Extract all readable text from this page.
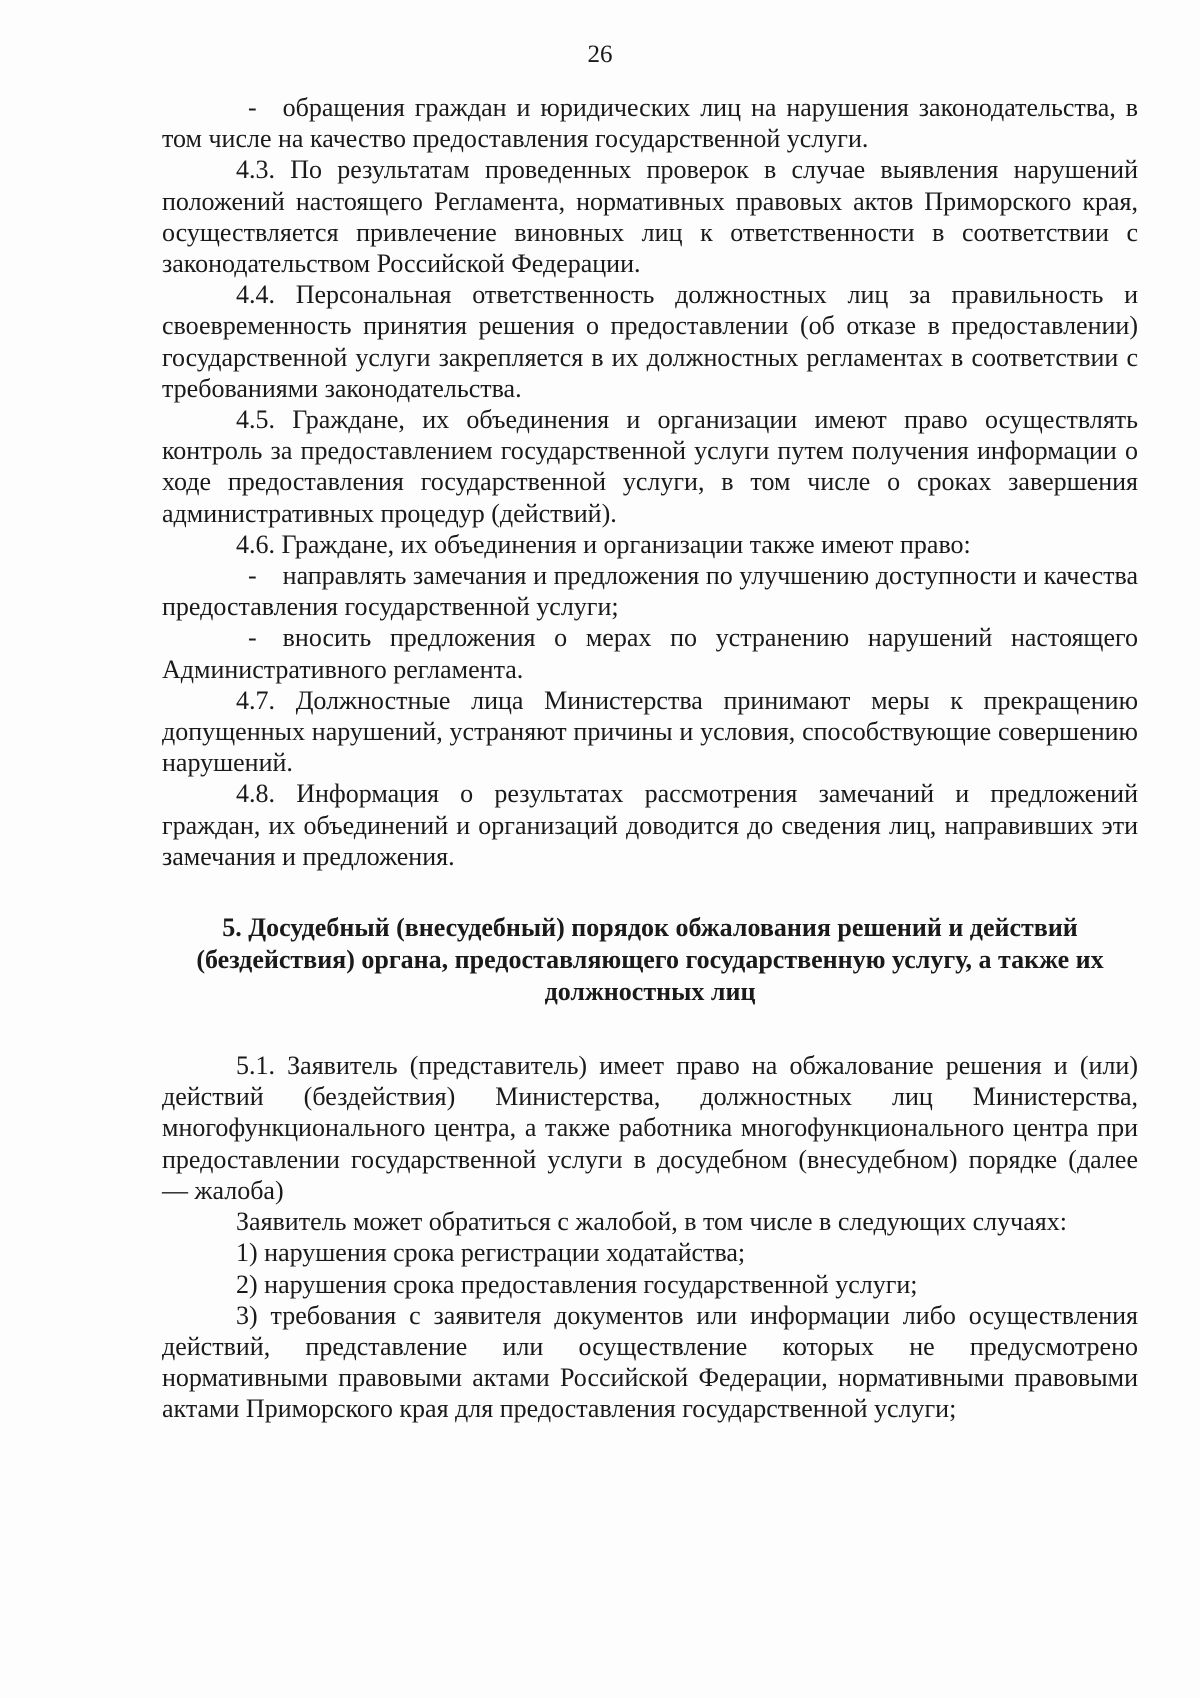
26

- обращения граждан и юридических лиц на нарушения законодательства, в том числе на качество предоставления государственной услуги.

4.3. По результатам проведенных проверок в случае выявления нарушений положений настоящего Регламента, нормативных правовых актов Приморского края, осуществляется привлечение виновных лиц к ответственности в соответствии с законодательством Российской Федерации.

4.4. Персональная ответственность должностных лиц за правильность и своевременность принятия решения о предоставлении (об отказе в предоставлении) государственной услуги закрепляется в их должностных регламентах в соответствии с требованиями законодательства.

4.5. Граждане, их объединения и организации имеют право осуществлять контроль за предоставлением государственной услуги путем получения информации о ходе предоставления государственной услуги, в том числе о сроках завершения административных процедур (действий).

4.6. Граждане, их объединения и организации также имеют право:

- направлять замечания и предложения по улучшению доступности и качества предоставления государственной услуги;

- вносить предложения о мерах по устранению нарушений настоящего Административного регламента.

4.7. Должностные лица Министерства принимают меры к прекращению допущенных нарушений, устраняют причины и условия, способствующие совершению нарушений.

4.8. Информация о результатах рассмотрения замечаний и предложений граждан, их объединений и организаций доводится до сведения лиц, направивших эти замечания и предложения.

5. Досудебный (внесудебный) порядок обжалования решений и действий (бездействия) органа, предоставляющего государственную услугу, а также их должностных лиц

5.1. Заявитель (представитель) имеет право на обжалование решения и (или) действий (бездействия) Министерства, должностных лиц Министерства, многофункционального центра, а также работника многофункционального центра при предоставлении государственной услуги в досудебном (внесудебном) порядке (далее — жалоба)

Заявитель может обратиться с жалобой, в том числе в следующих случаях:

1) нарушения срока регистрации ходатайства;

2) нарушения срока предоставления государственной услуги;

3) требования с заявителя документов или информации либо осуществления действий, представление или осуществление которых не предусмотрено нормативными правовыми актами Российской Федерации, нормативными правовыми актами Приморского края для предоставления государственной услуги;
